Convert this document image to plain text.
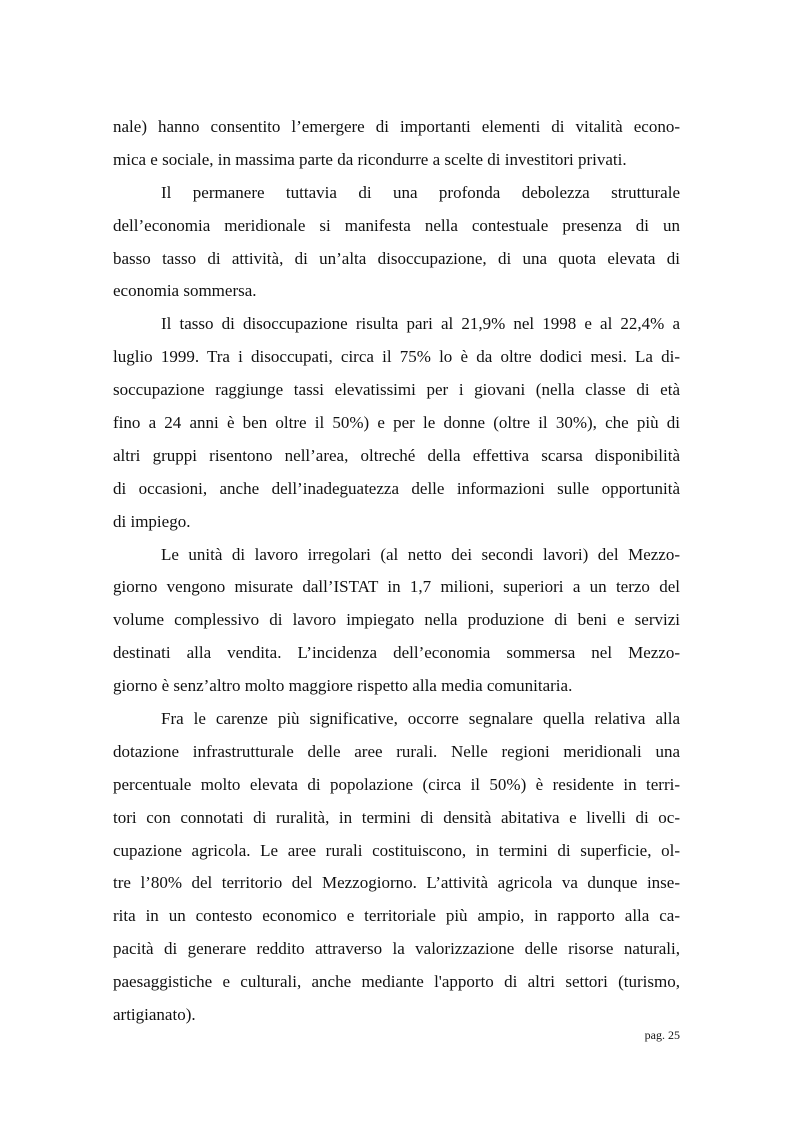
nale) hanno consentito l’emergere di importanti elementi di vitalità econo-
mica e sociale, in massima parte da ricondurre a scelte di investitori privati.
Il permanere tuttavia di una profonda debolezza strutturale
dell’economia meridionale si manifesta nella contestuale presenza di un
basso tasso di attività, di un’alta disoccupazione, di una quota elevata di
economia sommersa.
Il tasso di disoccupazione risulta pari al 21,9% nel 1998 e al 22,4% a
luglio 1999. Tra i disoccupati, circa il 75% lo è da oltre dodici mesi. La di-
soccupazione raggiunge tassi elevatissimi per i giovani (nella classe di età
fino a 24 anni è ben oltre il 50%) e per le donne (oltre il 30%), che più di
altri gruppi risentono nell’area, oltreché della effettiva scarsa disponibilità
di occasioni, anche dell’inadeguatezza delle informazioni sulle opportunità
di impiego.
Le unità di lavoro irregolari (al netto dei secondi lavori) del Mezzo-
giorno vengono misurate dall’ISTAT in 1,7 milioni, superiori a un terzo del
volume complessivo di lavoro impiegato nella produzione di beni e servizi
destinati alla vendita. L’incidenza dell’economia sommersa nel Mezzo-
giorno è senz’altro molto maggiore rispetto alla media comunitaria.
Fra le carenze più significative, occorre segnalare quella relativa alla
dotazione infrastrutturale delle aree rurali. Nelle regioni meridionali una
percentuale molto elevata di popolazione (circa il 50%) è residente in terri-
tori con connotati di ruralità, in termini di densità abitativa e livelli di oc-
cupazione agricola. Le aree rurali costituiscono, in termini di superficie, ol-
tre l’80% del territorio del Mezzogiorno. L’attività agricola va dunque inse-
rita in un contesto economico e territoriale più ampio, in rapporto alla ca-
pacità di generare reddito attraverso la valorizzazione delle risorse naturali,
paesaggistiche e culturali, anche mediante l'apporto di altri settori (turismo,
artigianato).
pag. 25
